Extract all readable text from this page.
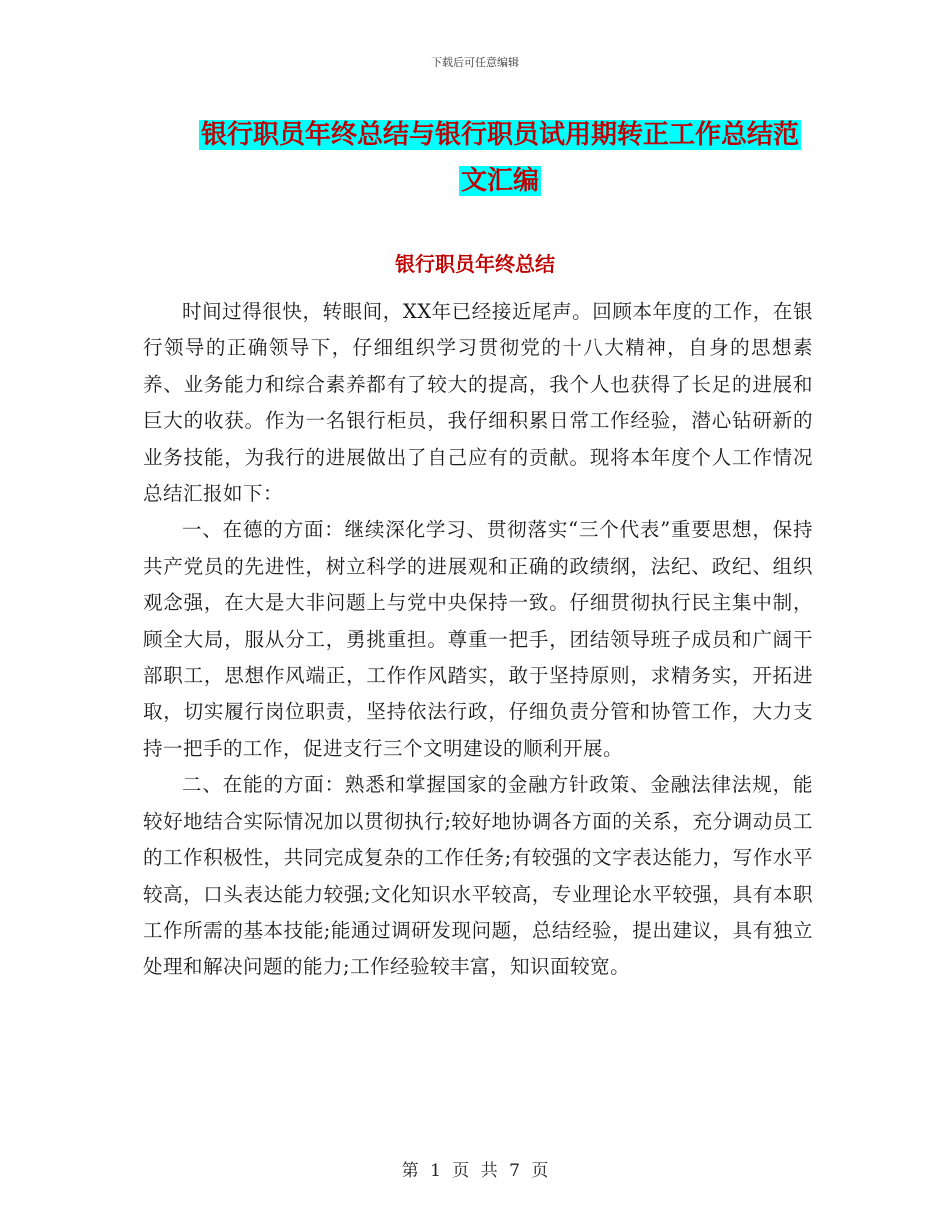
下载后可任意编辑
银行职员年终总结与银行职员试用期转正工作总结范
文汇编
银行职员年终总结

时间过得很快，转眼间，XX年已经接近尾声。回顾本年度的工作，在银行领导的正确领导下，仔细组织学习贯彻党的十八大精神，自身的思想素养、业务能力和综合素养都有了较大的提高，我个人也获得了长足的进展和巨大的收获。作为一名银行柜员，我仔细积累日常工作经验，潜心钻研新的业务技能，为我行的进展做出了自己应有的贡献。现将本年度个人工作情况总结汇报如下：

一、在德的方面：继续深化学习、贯彻落实“三个代表”重要思想，保持共产党员的先进性，树立科学的进展观和正确的政绩纲，法纪、政纪、组织观念强，在大是大非问题上与党中央保持一致。仔细贯彻执行民主集中制，顾全大局，服从分工，勇挑重担。尊重一把手，团结领导班子成员和广阔干部职工，思想作风端正，工作作风踏实，敢于坚持原则，求精务实，开拓进取，切实履行岗位职责，坚持依法行政，仔细负责分管和协管工作，大力支持一把手的工作，促进支行三个文明建设的顺利开展。

二、在能的方面：熟悉和掌握国家的金融方针政策、金融法律法规，能较好地结合实际情况加以贯彻执行;较好地协调各方面的关系，充分调动员工的工作积极性，共同完成复杂的工作任务;有较强的文字表达能力，写作水平较高，口头表达能力较强;文化知识水平较高，专业理论水平较强，具有本职工作所需的基本技能;能通过调研发现问题，总结经验，提出建议，具有独立处理和解决问题的能力;工作经验较丰富，知识面较宽。

第 1 页 共 7 页
